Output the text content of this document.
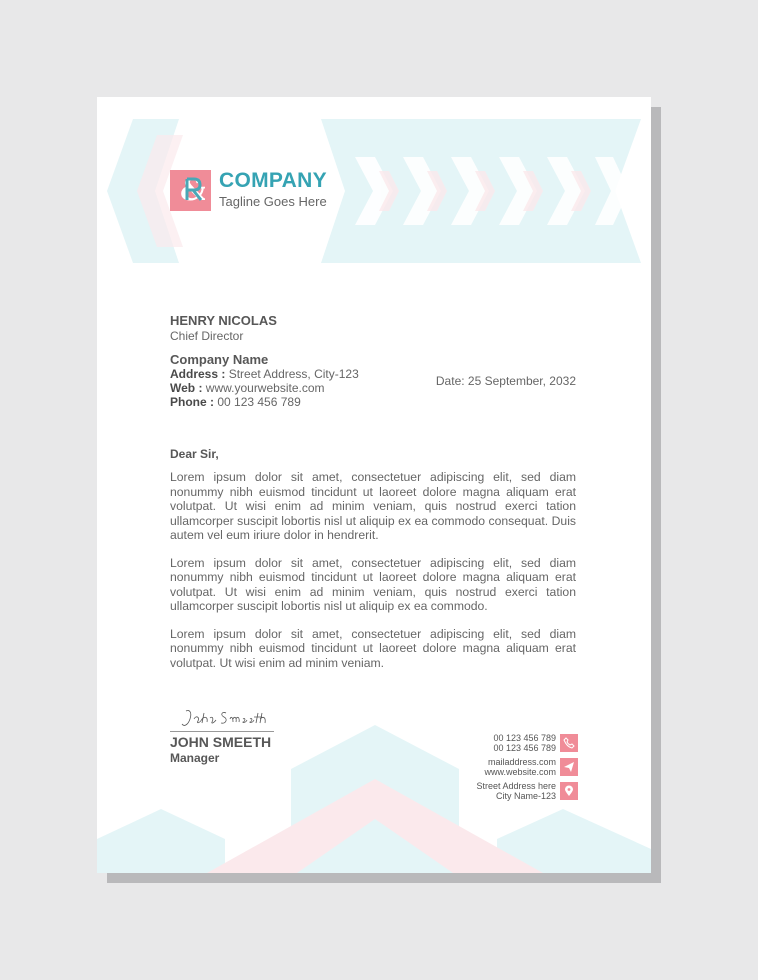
& COMPANY
Tagline Goes Here
HENRY NICOLAS
Chief Director
Company Name
Address : Street Address, City-123
Web : www.yourwebsite.com
Phone : 00 123 456 789
Date: 25 September, 2032
Dear Sir,

Lorem ipsum dolor sit amet, consectetuer adipiscing elit, sed diam nonummy nibh euismod tincidunt ut laoreet dolore magna aliquam erat volutpat. Ut wisi enim ad minim veniam, quis nostrud exerci tation ullamcorper suscipit lobortis nisl ut aliquip ex ea commodo consequat. Duis autem vel eum iriure dolor in hendrerit.

Lorem ipsum dolor sit amet, consectetuer adipiscing elit, sed diam nonummy nibh euismod tincidunt ut laoreet dolore magna aliquam erat volutpat. Ut wisi enim ad minim veniam, quis nostrud exerci tation ullamcorper suscipit lobortis nisl ut aliquip ex ea commodo.

Lorem ipsum dolor sit amet, consectetuer adipiscing elit, sed diam nonummy nibh euismod tincidunt ut laoreet dolore magna aliquam erat volutpat. Ut wisi enim ad minim veniam.

JOHN SMEETH
Manager
00 123 456 789
00 123 456 789
mailaddress.com
www.website.com
Street Address here
City Name-123
